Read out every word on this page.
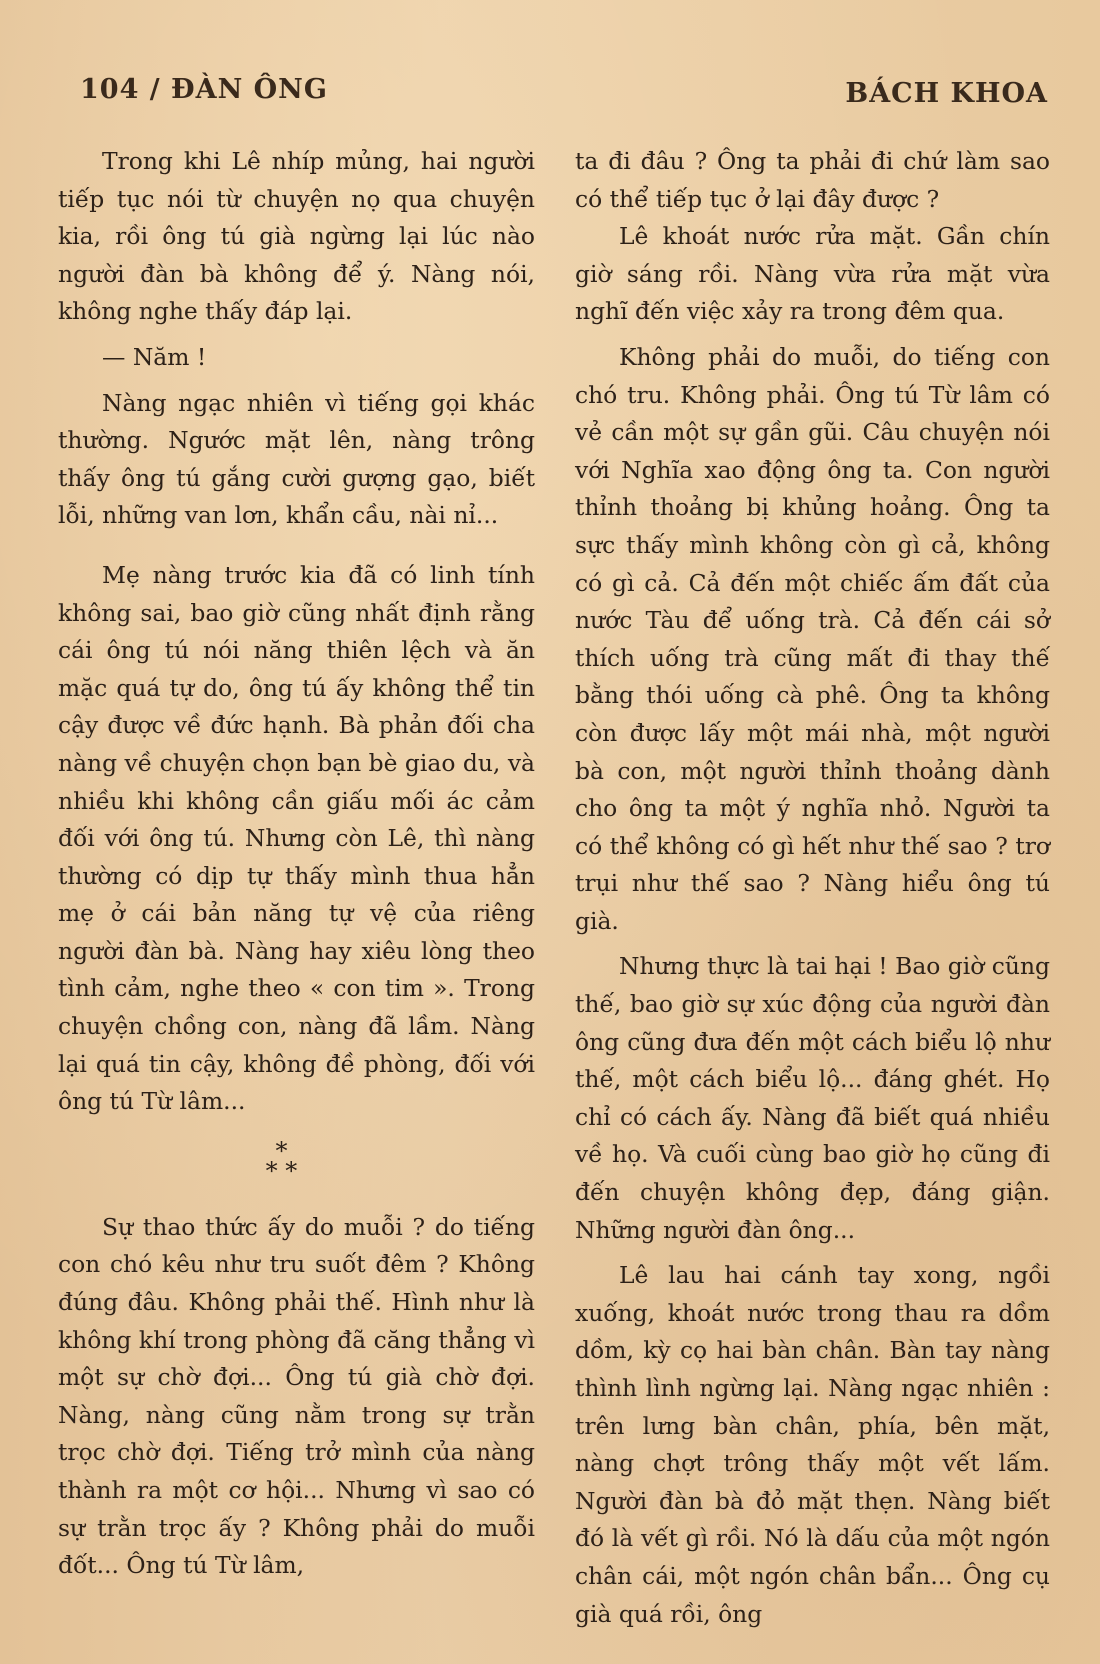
104 / ĐÀN ÔNG	BÁCH KHOA

Trong khi Lê nhíp mủng, hai người tiếp tục nói từ chuyện nọ qua chuyện kia, rồi ông tú già ngừng lại lúc nào người đàn bà không để ý. Nàng nói, không nghe thấy đáp lại.

— Năm !

Nàng ngạc nhiên vì tiếng gọi khác thường. Ngước mặt lên, nàng trông thấy ông tú gắng cười gượng gạo, biết lỗi, những van lơn, khẩn cầu, nài nỉ...

Mẹ nàng trước kia đã có linh tính không sai, bao giờ cũng nhất định rằng cái ông tú nói năng thiên lệch và ăn mặc quá tự do, ông tú ấy không thể tin cậy được về đức hạnh. Bà phản đối cha nàng về chuyện chọn bạn bè giao du, và nhiều khi không cần giấu mối ác cảm đối với ông tú. Nhưng còn Lê, thì nàng thường có dịp tự thấy mình thua hẳn mẹ ở cái bản năng tự vệ của riêng người đàn bà. Nàng hay xiêu lòng theo tình cảm, nghe theo « con tim ». Trong chuyện chồng con, nàng đã lầm. Nàng lại quá tin cậy, không đề phòng, đối với ông tú Từ lâm...

*
* *

Sự thao thức ấy do muỗi ? do tiếng con chó kêu như tru suốt đêm ? Không đúng đâu. Không phải thế. Hình như là không khí trong phòng đã căng thẳng vì một sự chờ đợi... Ông tú già chờ đợi. Nàng, nàng cũng nằm trong sự trằn trọc chờ đợi. Tiếng trở mình của nàng thành ra một cơ hội... Nhưng vì sao có sự trằn trọc ấy ? Không phải do muỗi đốt... Ông tú Từ lâm,

ta đi đâu ? Ông ta phải đi chứ làm sao có thể tiếp tục ở lại đây được ?

Lê khoát nước rửa mặt. Gần chín giờ sáng rồi. Nàng vừa rửa mặt vừa nghĩ đến việc xảy ra trong đêm qua.

Không phải do muỗi, do tiếng con chó tru. Không phải. Ông tú Từ lâm có vẻ cần một sự gần gũi. Câu chuyện nói với Nghĩa xao động ông ta. Con người thỉnh thoảng bị khủng hoảng. Ông ta sực thấy mình không còn gì cả, không có gì cả. Cả đến một chiếc ấm đất của nước Tàu để uống trà. Cả đến cái sở thích uống trà cũng mất đi thay thế bằng thói uống cà phê. Ông ta không còn được lấy một mái nhà, một người bà con, một người thỉnh thoảng dành cho ông ta một ý nghĩa nhỏ. Người ta có thể không có gì hết như thế sao ? trơ trụi như thế sao ? Nàng hiểu ông tú già.

Nhưng thực là tai hại ! Bao giờ cũng thế, bao giờ sự xúc động của người đàn ông cũng đưa đến một cách biểu lộ như thế, một cách biểu lộ... đáng ghét. Họ chỉ có cách ấy. Nàng đã biết quá nhiều về họ. Và cuối cùng bao giờ họ cũng đi đến chuyện không đẹp, đáng giận. Những người đàn ông...

Lê lau hai cánh tay xong, ngồi xuống, khoát nước trong thau ra dồm dồm, kỳ cọ hai bàn chân. Bàn tay nàng thình lình ngừng lại. Nàng ngạc nhiên : trên lưng bàn chân, phía, bên mặt, nàng chợt trông thấy một vết lấm. Người đàn bà đỏ mặt thẹn. Nàng biết đó là vết gì rồi. Nó là dấu của một ngón chân cái, một ngón chân bẩn... Ông cụ già quá rồi, ông
